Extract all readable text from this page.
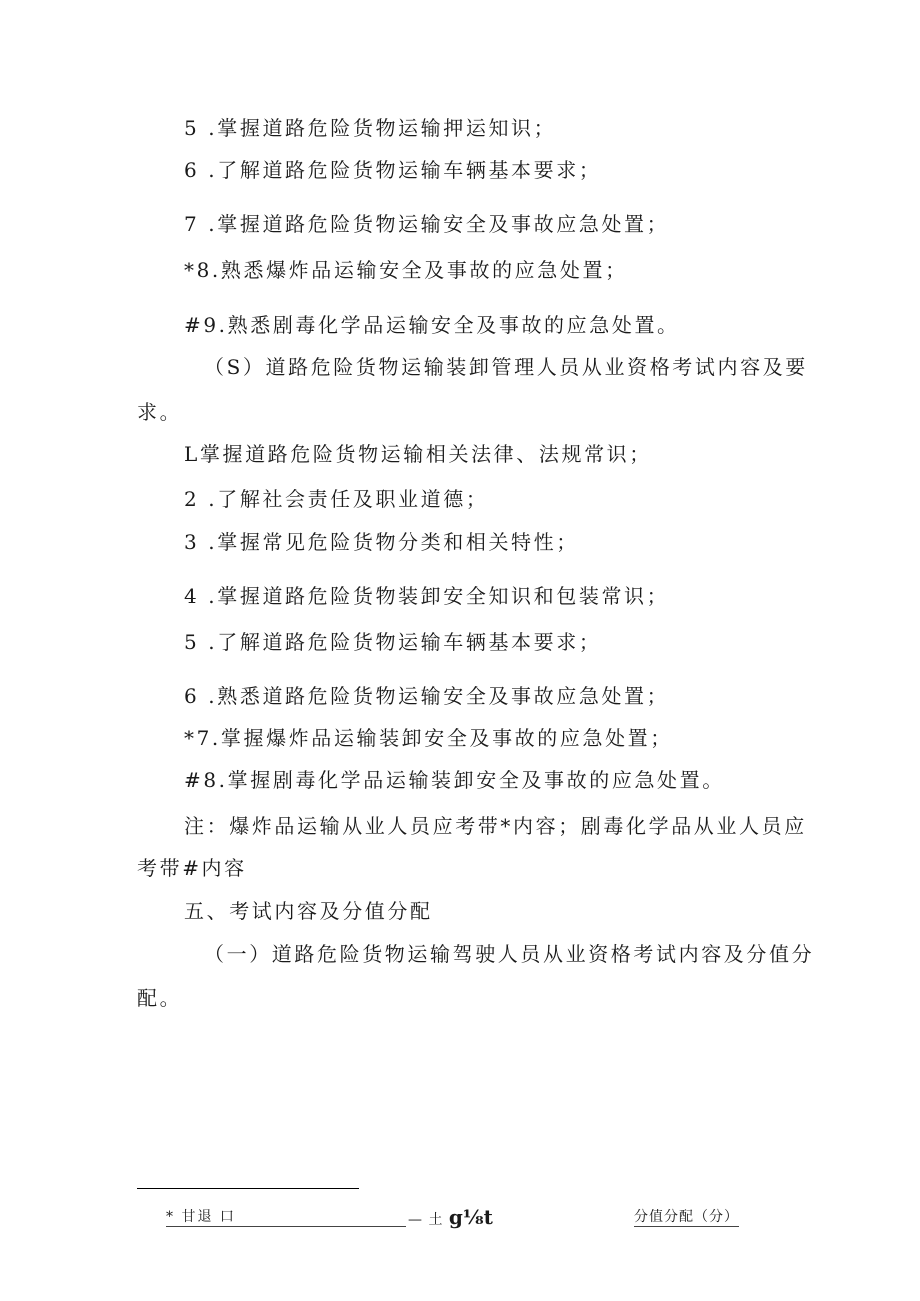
5 .掌握道路危险货物运输押运知识；
6 .了解道路危险货物运输车辆基本要求；
7 .掌握道路危险货物运输安全及事故应急处置；
*8.熟悉爆炸品运输安全及事故的应急处置；
#9.熟悉剧毒化学品运输安全及事故的应急处置。
（S）道路危险货物运输装卸管理人员从业资格考试内容及要
求。
L掌握道路危险货物运输相关法律、法规常识；
2 .了解社会责任及职业道德；
3 .掌握常见危险货物分类和相关特性；
4 .掌握道路危险货物装卸安全知识和包装常识；
5 .了解道路危险货物运输车辆基本要求；
6 .熟悉道路危险货物运输安全及事故应急处置；
*7.掌握爆炸品运输装卸安全及事故的应急处置；
#8.掌握剧毒化学品运输装卸安全及事故的应急处置。
注：爆炸品运输从业人员应考带*内容；剧毒化学品从业人员应
考带#内容
五、考试内容及分值分配
（一）道路危险货物运输驾驶人员从业资格考试内容及分值分
配。
* 甘退 口	— 土 g⅛t	分值分配（分）
